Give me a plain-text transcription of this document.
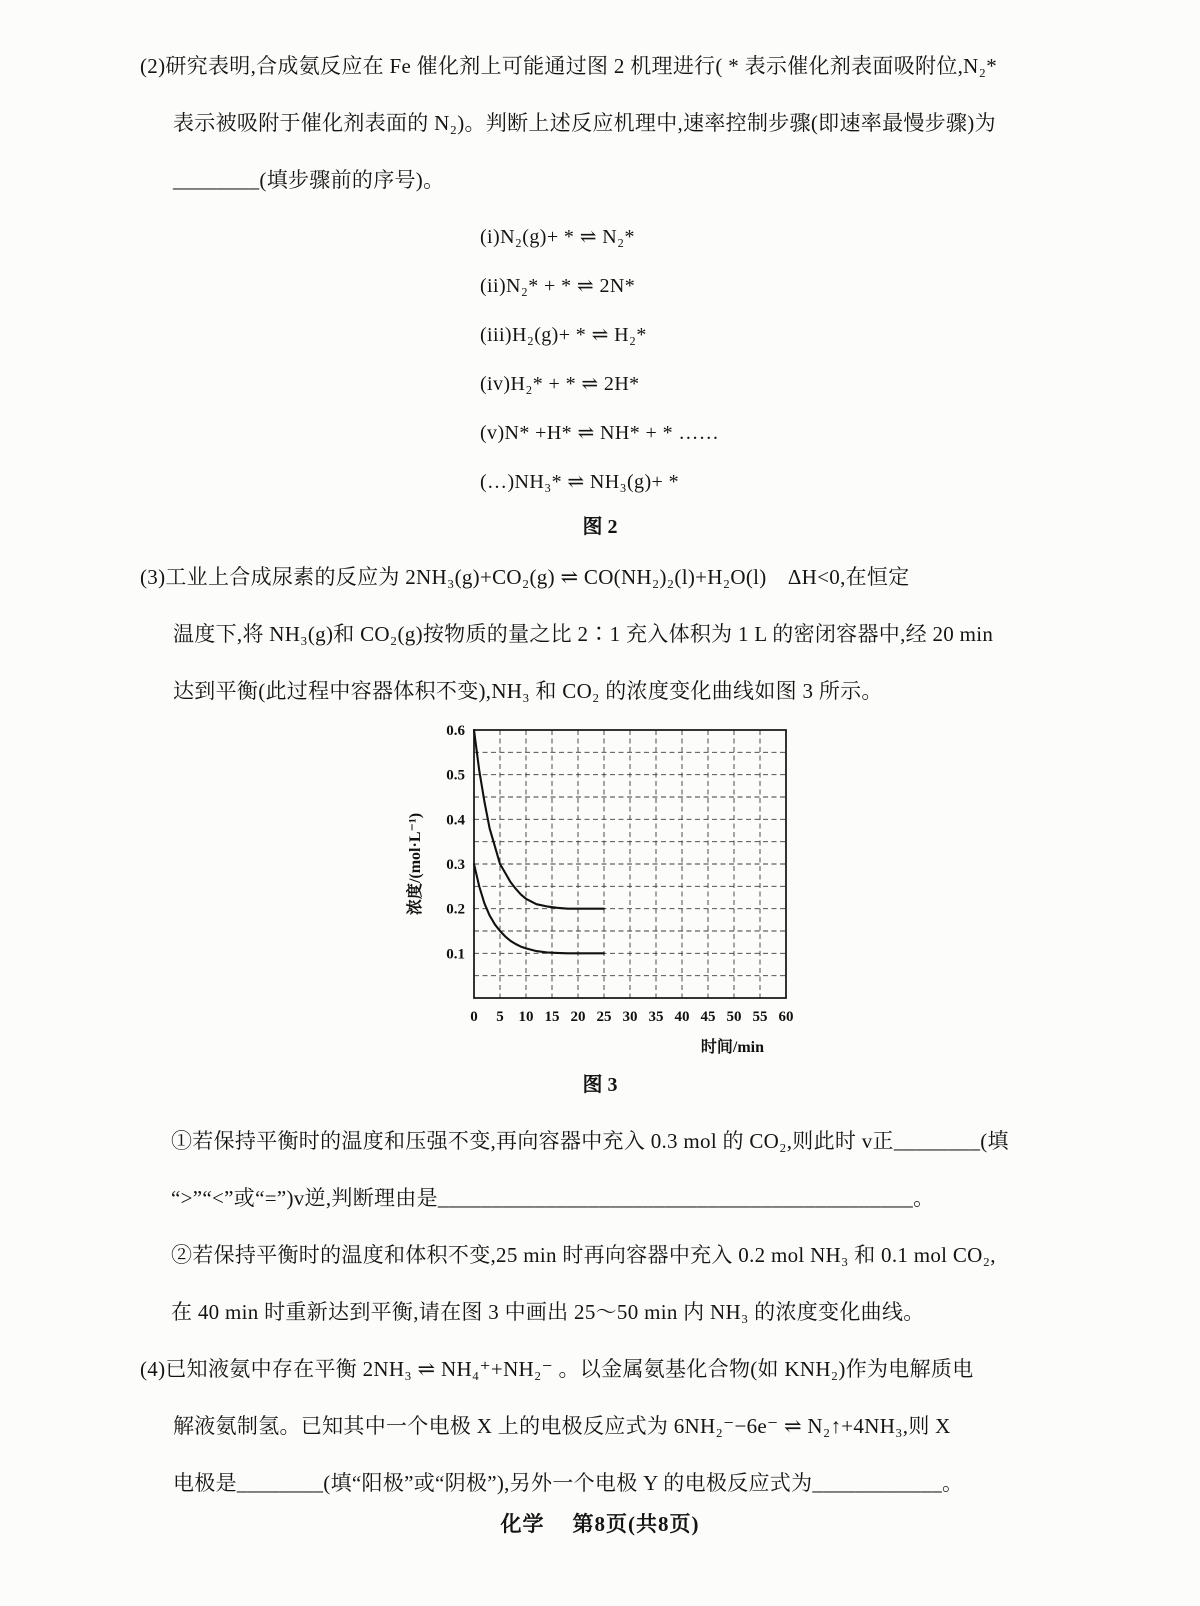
(2)研究表明,合成氨反应在 Fe 催化剂上可能通过图 2 机理进行( * 表示催化剂表面吸附位,N₂*
表示被吸附于催化剂表面的 N₂)。判断上述反应机理中,速率控制步骤(即速率最慢步骤)为
________(填步骤前的序号)。
(i)N₂(g)+ * ⇌ N₂*
(ii)N₂* + * ⇌ 2N*
(iii)H₂(g)+ * ⇌ H₂*
(iv)H₂* + * ⇌ 2H*
(v)N* +H* ⇌ NH* + * ……
(…)NH₃* ⇌ NH₃(g)+ *
图 2
(3)工业上合成尿素的反应为 2NH₃(g)+CO₂(g) ⇌ CO(NH₂)₂(l)+H₂O(l)　ΔH<0,在恒定
温度下,将 NH₃(g)和 CO₂(g)按物质的量之比 2∶1 充入体积为 1 L 的密闭容器中,经 20 min
达到平衡(此过程中容器体积不变),NH₃ 和 CO₂ 的浓度变化曲线如图 3 所示。
0.1
0.2
0.3
0.4
0.5
0.6
0 5 10 15 20 25 30 35 40 45 50 55 60
浓度/(mol·L⁻¹)
时间/min
图 3
①若保持平衡时的温度和压强不变,再向容器中充入 0.3 mol 的 CO₂,则此时 v正________(填
“>”“<”或“=”)v逆,判断理由是____________________________________________。
②若保持平衡时的温度和体积不变,25 min 时再向容器中充入 0.2 mol NH₃ 和 0.1 mol CO₂,
在 40 min 时重新达到平衡,请在图 3 中画出 25～50 min 内 NH₃ 的浓度变化曲线。
(4)已知液氨中存在平衡 2NH₃ ⇌ NH₄⁺+NH₂⁻ 。以金属氨基化合物(如 KNH₂)作为电解质电
解液氨制氢。已知其中一个电极 X 上的电极反应式为 6NH₂⁻−6e⁻ ⇌ N₂↑+4NH₃,则 X
电极是________(填“阳极”或“阴极”),另外一个电极 Y 的电极反应式为____________。
化学 第8页(共8页)
